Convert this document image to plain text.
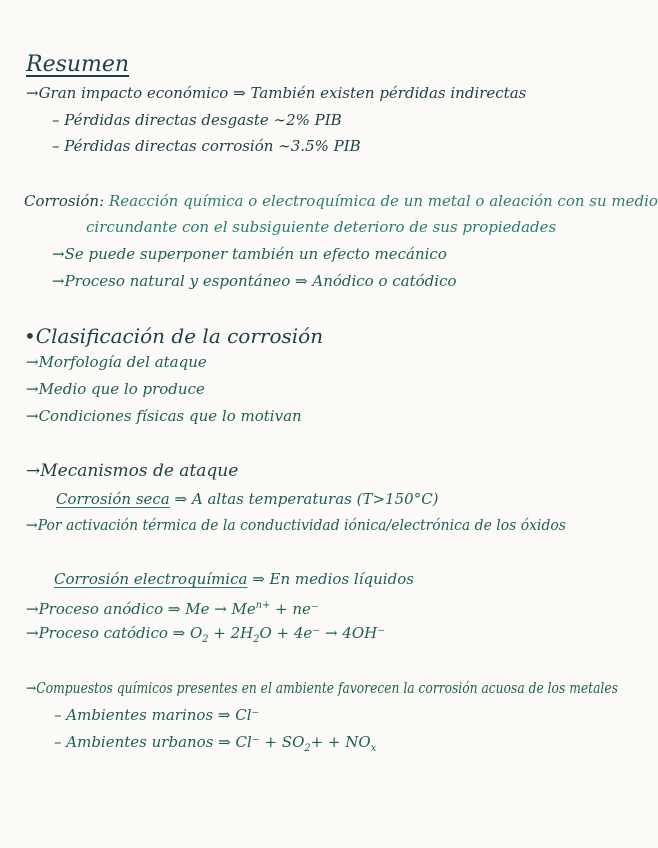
Resumen
→Gran impacto económico ⇒ También existen pérdidas indirectas
– Pérdidas directas desgaste ∼2% PIB
– Pérdidas directas corrosión ∼3.5% PIB
Corrosión: Reacción química o electroquímica de un metal o aleación con su medio
circundante con el subsiguiente deterioro de sus propiedades
→Se puede superponer también un efecto mecánico
→Proceso natural y espontáneo ⇒ Anódico o catódico
•Clasificación de la corrosión
→Morfología del ataque
→Medio que lo produce
→Condiciones físicas que lo motivan
→Mecanismos de ataque
Corrosión seca ⇒ A altas temperaturas (T>150°C)
→Por activación térmica de la conductividad iónica/electrónica de los óxidos
Corrosión electroquímica ⇒ En medios líquidos
→Proceso anódico ⇒ $Me \to Me^{n+} + ne^-$
→Proceso catódico ⇒ $O_2 + 2H_2O + 4e^- \to 4OH^-$
→Compuestos químicos presentes en el ambiente favorecen la corrosión acuosa de los metales
– Ambientes marinos ⇒ Cl⁻
– Ambientes urbanos ⇒ $Cl^- + SO_2+ + NO_x$
